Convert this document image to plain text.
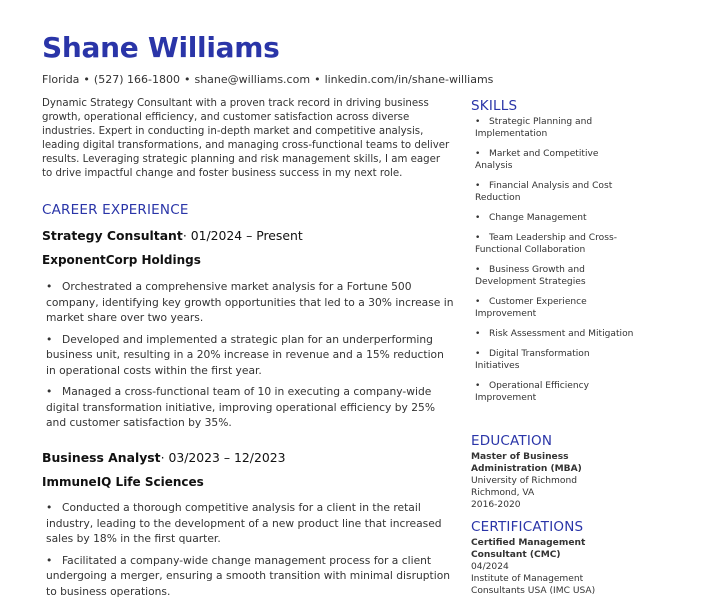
Shane Williams
Florida • (527) 166-1800 • shane@williams.com • linkedin.com/in/shane-williams

Dynamic Strategy Consultant with a proven track record in driving business growth, operational efficiency, and customer satisfaction across diverse industries. Expert in conducting in-depth market and competitive analysis, leading digital transformations, and managing cross-functional teams to deliver results. Leveraging strategic planning and risk management skills, I am eager to drive impactful change and foster business success in my next role.

CAREER EXPERIENCE

Strategy Consultant· 01/2024 – Present

ExponentCorp Holdings

• Orchestrated a comprehensive market analysis for a Fortune 500 company, identifying key growth opportunities that led to a 30% increase in market share over two years.
• Developed and implemented a strategic plan for an underperforming business unit, resulting in a 20% increase in revenue and a 15% reduction in operational costs within the first year.
• Managed a cross-functional team of 10 in executing a company-wide digital transformation initiative, improving operational efficiency by 25% and customer satisfaction by 35%.

Business Analyst· 03/2023 – 12/2023

ImmuneIQ Life Sciences

• Conducted a thorough competitive analysis for a client in the retail industry, leading to the development of a new product line that increased sales by 18% in the first quarter.
• Facilitated a company-wide change management process for a client undergoing a merger, ensuring a smooth transition with minimal disruption to business operations.
SKILLS
• Strategic Planning and Implementation
• Market and Competitive Analysis
• Financial Analysis and Cost Reduction
• Change Management
• Team Leadership and Cross-Functional Collaboration
• Business Growth and Development Strategies
• Customer Experience Improvement
• Risk Assessment and Mitigation
• Digital Transformation Initiatives
• Operational Efficiency Improvement
EDUCATION

Master of Business Administration (MBA)

University of Richmond

Richmond, VA

2016-2020

CERTIFICATIONS

Certified Management Consultant (CMC)

04/2024

Institute of Management Consultants USA (IMC USA)
